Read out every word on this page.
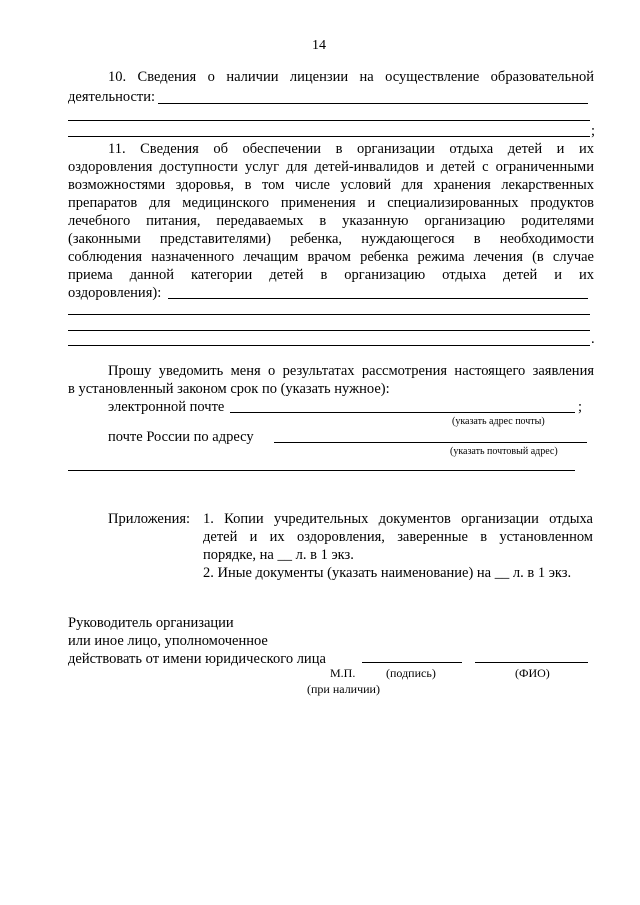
14
10. Сведения о наличии лицензии на осуществление образовательной
деятельности:
;
11. Сведения об обеспечении в организации отдыха детей и их
оздоровления доступности услуг для детей-инвалидов и детей с ограниченными
возможностями здоровья, в том числе условий для хранения лекарственных
препаратов для медицинского применения и специализированных продуктов
лечебного питания, передаваемых в указанную организацию родителями
(законными представителями) ребенка, нуждающегося в необходимости
соблюдения назначенного лечащим врачом ребенка режима лечения (в случае
приема данной категории детей в организацию отдыха детей и их
оздоровления):
.
Прошу уведомить меня о результатах рассмотрения настоящего заявления
в установленный законом срок по (указать нужное):
электронной почте	;
(указать адрес почты)
почте России по адресу
(указать почтовый адрес)
Приложения: 1. Копии учредительных документов организации отдыха
детей и их оздоровления, заверенные в установленном
порядке, на __ л. в 1 экз.
2. Иные документы (указать наименование) на __ л. в 1 экз.
Руководитель организации
или иное лицо, уполномоченное
действовать от имени юридического лица
М.П.	(подпись)	(ФИО)
(при наличии)
